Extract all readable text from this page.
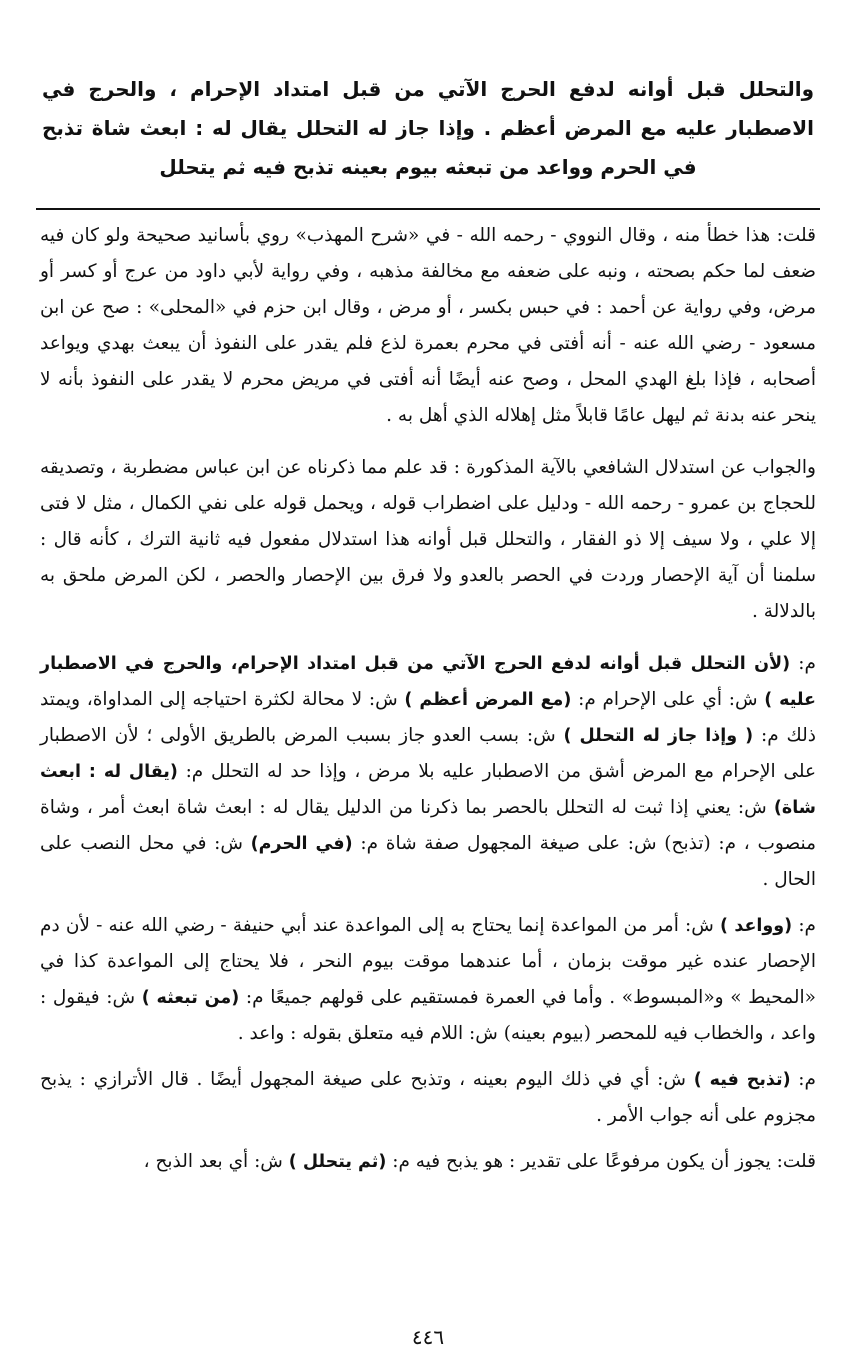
والتحلل قبل أوانه لدفع الحرج الآتي من قبل امتداد الإحرام ، والحرج في الاصطبار عليه مع المرض أعظم . وإذا جاز له التحلل يقال له : ابعث شاة تذبح في الحرم وواعد من تبعثه بيوم بعينه تذبح فيه ثم يتحلل

قلت: هذا خطأ منه ، وقال النووي - رحمه الله - في «شرح المهذب» روي بأسانيد صحيحة ولو كان فيه ضعف لما حكم بصحته ، ونبه على ضعفه مع مخالفة مذهبه ، وفي رواية لأبي داود من عرج أو كسر أو مرض، وفي رواية عن أحمد : في حبس بكسر ، أو مرض ، وقال ابن حزم في «المحلى» : صح عن ابن مسعود - رضي الله عنه - أنه أفتى في محرم بعمرة لذع فلم يقدر على النفوذ أن يبعث بهدي ويواعد أصحابه ، فإذا بلغ الهدي المحل ، وصح عنه أيضًا أنه أفتى في مريض محرم لا يقدر على النفوذ بأنه لا ينحر عنه بدنة ثم ليهل عامًا قابلاً مثل إهلاله الذي أهل به .

والجواب عن استدلال الشافعي بالآية المذكورة : قد علم مما ذكرناه عن ابن عباس مضطربة ، وتصديقه للحجاج بن عمرو - رحمه الله - ودليل على اضطراب قوله ، ويحمل قوله على نفي الكمال ، مثل لا فتى إلا علي ، ولا سيف إلا ذو الفقار ، والتحلل قبل أوانه هذا استدلال مفعول فيه ثانية الترك ، كأنه قال : سلمنا أن آية الإحصار وردت في الحصر بالعدو ولا فرق بين الإحصار والحصر ، لكن المرض ملحق به بالدلالة .

م: (لأن التحلل قبل أوانه لدفع الحرج الآتي من قبل امتداد الإحرام، والحرج في الاصطبار عليه ) ش: أي على الإحرام م: (مع المرض أعظم ) ش: لا محالة لكثرة احتياجه إلى المداواة، ويمتد ذلك م: ( وإذا جاز له التحلل ) ش: بسب العدو جاز بسبب المرض بالطريق الأولى ؛ لأن الاصطبار على الإحرام مع المرض أشق من الاصطبار عليه بلا مرض ، وإذا حد له التحلل م: (يقال له : ابعث شاة) ش: يعني إذا ثبت له التحلل بالحصر بما ذكرنا من الدليل يقال له : ابعث شاة ابعث أمر ، وشاة منصوب ، م: (تذبح) ش: على صيغة المجهول صفة شاة م: (في الحرم) ش: في محل النصب على الحال .

م: (وواعد ) ش: أمر من المواعدة إنما يحتاج به إلى المواعدة عند أبي حنيفة - رضي الله عنه - لأن دم الإحصار عنده غير موقت بزمان ، أما عندهما موقت بيوم النحر ، فلا يحتاج إلى المواعدة كذا في «المحيط » و«المبسوط» . وأما في العمرة فمستقيم على قولهم جميعًا م: (من تبعثه ) ش: فيقول : واعد ، والخطاب فيه للمحصر (بيوم بعينه) ش: اللام فيه متعلق بقوله : واعد .

م: (تذبح فيه ) ش: أي في ذلك اليوم بعينه ، وتذبح على صيغة المجهول أيضًا . قال الأترازي : يذبح مجزوم على أنه جواب الأمر .

قلت: يجوز أن يكون مرفوعًا على تقدير : هو يذبح فيه م: (ثم يتحلل ) ش: أي بعد الذبح ،

٤٤٦
